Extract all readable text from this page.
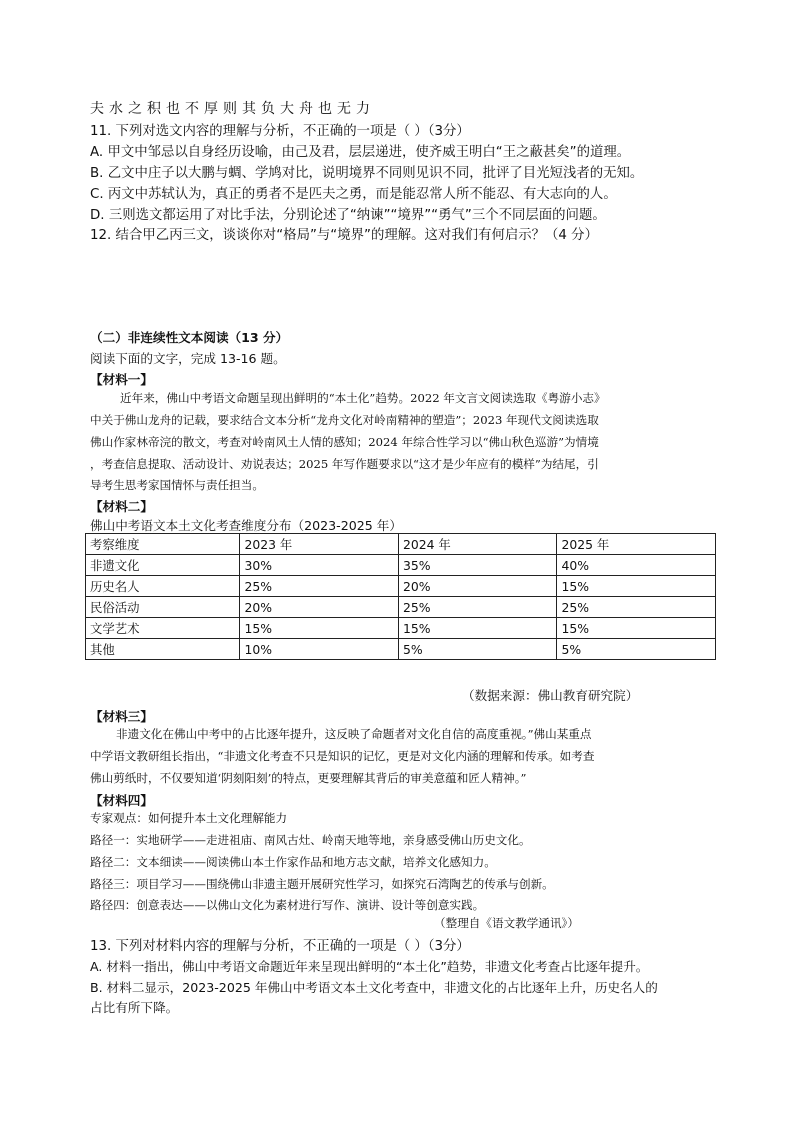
夫水之积也不厚则其负大舟也无力
11. 下列对选文内容的理解与分析，不正确的一项是（ ）（3分）
A. 甲文中邹忌以自身经历设喻，由己及君，层层递进，使齐威王明白“王之蔽甚矣”的道理。
B. 乙文中庄子以大鹏与蜩、学鸠对比，说明境界不同则见识不同，批评了目光短浅者的无知。
C. 丙文中苏轼认为，真正的勇者不是匹夫之勇，而是能忍常人所不能忍、有大志向的人。
D. 三则选文都运用了对比手法，分别论述了“纳谏”“境界”“勇气”三个不同层面的问题。
12. 结合甲乙丙三文，谈谈你对“格局”与“境界”的理解。这对我们有何启示？（4 分）
（二）非连续性文本阅读（13 分）
阅读下面的文字，完成 13-16 题。
【材料一】
近年来，佛山中考语文命题呈现出鲜明的“本土化”趋势。2022 年文言文阅读选取《粤游小志》
中关于佛山龙舟的记载，要求结合文本分析“龙舟文化对岭南精神的塑造”；2023 年现代文阅读选取
佛山作家林帝浣的散文，考查对岭南风土人情的感知；2024 年综合性学习以“佛山秋色巡游”为情境
，考查信息提取、活动设计、劝说表达；2025 年写作题要求以“这才是少年应有的模样”为结尾，引
导考生思考家国情怀与责任担当。
【材料二】
佛山中考语文本土文化考查维度分布（2023-2025 年）
考察维度	2023 年	2024 年	2025 年
非遗文化	30%	35%	40%
历史名人	25%	20%	15%
民俗活动	20%	25%	25%
文学艺术	15%	15%	15%
其他	10%	5%	5%
（数据来源：佛山教育研究院）
【材料三】
非遗文化在佛山中考中的占比逐年提升，这反映了命题者对文化自信的高度重视。”佛山某重点
中学语文教研组长指出，“非遗文化考查不只是知识的记忆，更是对文化内涵的理解和传承。如考查
佛山剪纸时，不仅要知道‘阴刻阳刻’的特点，更要理解其背后的审美意蕴和匠人精神。”
【材料四】
专家观点：如何提升本土文化理解能力
路径一：实地研学——走进祖庙、南风古灶、岭南天地等地，亲身感受佛山历史文化。
路径二：文本细读——阅读佛山本土作家作品和地方志文献，培养文化感知力。
路径三：项目学习——围绕佛山非遗主题开展研究性学习，如探究石湾陶艺的传承与创新。
路径四：创意表达——以佛山文化为素材进行写作、演讲、设计等创意实践。
（整理自《语文教学通讯》）
13. 下列对材料内容的理解与分析，不正确的一项是（ ）（3分）
A. 材料一指出，佛山中考语文命题近年来呈现出鲜明的“本土化”趋势，非遗文化考查占比逐年提升。
B. 材料二显示，2023-2025 年佛山中考语文本土文化考查中，非遗文化的占比逐年上升，历史名人的
占比有所下降。
